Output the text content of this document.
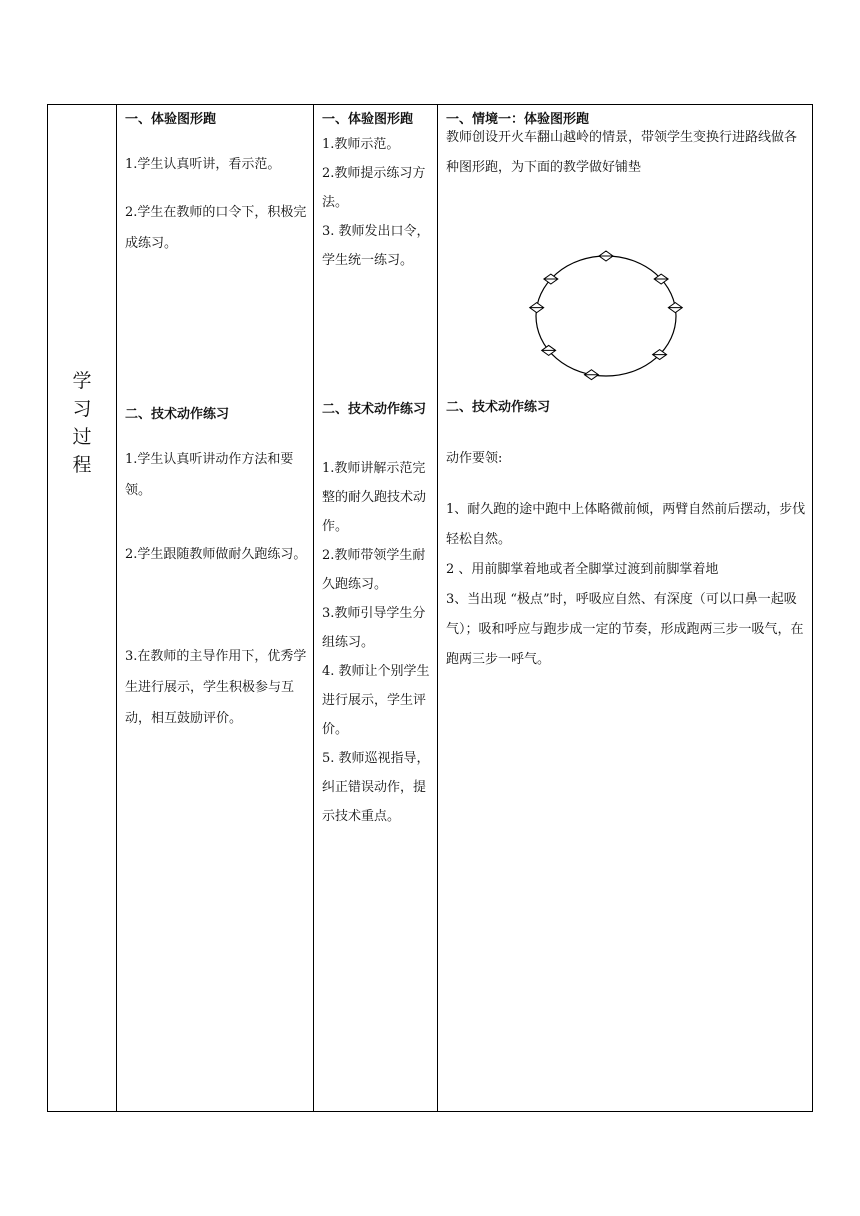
学
习
过
程
一、体验图形跑
1.学生认真听讲，看示范。
2.学生在教师的口令下，积极完成练习。
二、技术动作练习
1.学生认真听讲动作方法和要领。
2.学生跟随教师做耐久跑练习。
3.在教师的主导作用下，优秀学生进行展示，学生积极参与互动，相互鼓励评价。
一、体验图形跑
1.教师示范。
2.教师提示练习方法。
3. 教师发出口令，学生统一练习。
二、技术动作练习
1.教师讲解示范完整的耐久跑技术动作。
2.教师带领学生耐久跑练习。
3.教师引导学生分组练习。
4. 教师让个别学生进行展示，学生评价。
5. 教师巡视指导，纠正错误动作，提示技术重点。
一、情境一：体验图形跑
教师创设开火车翻山越岭的情景，带领学生变换行进路线做各种图形跑，为下面的教学做好铺垫
二、技术动作练习
动作要领:
1、耐久跑的途中跑中上体略微前倾，两臂自然前后摆动，步伐轻松自然。
2 、用前脚掌着地或者全脚掌过渡到前脚掌着地
3、当出现 “极点”时，呼吸应自然、有深度（可以口鼻一起吸气）；吸和呼应与跑步成一定的节奏，形成跑两三步一吸气，在跑两三步一呼气。
